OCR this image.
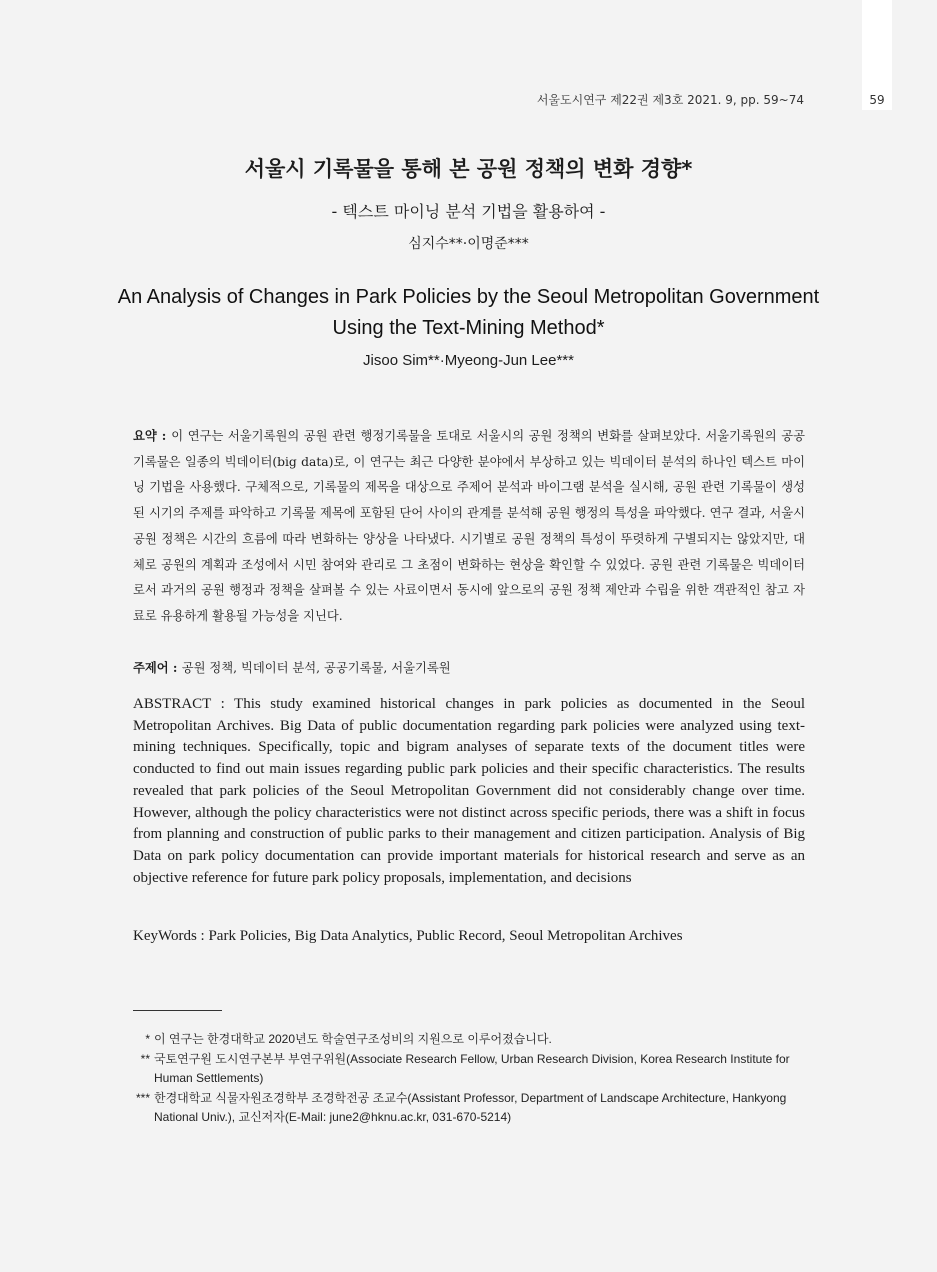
59
서울도시연구 제22권 제3호 2021. 9, pp. 59~74
서울시 기록물을 통해 본 공원 정책의 변화 경향*
- 텍스트 마이닝 분석 기법을 활용하여 -
심지수**·이명준***
An Analysis of Changes in Park Policies by the Seoul Metropolitan Government Using the Text-Mining Method*
Jisoo Sim**·Myeong-Jun Lee***
요약 : 이 연구는 서울기록원의 공원 관련 행정기록물을 토대로 서울시의 공원 정책의 변화를 살펴보았다. 서울기록원의 공공기록물은 일종의 빅데이터(big data)로, 이 연구는 최근 다양한 분야에서 부상하고 있는 빅데이터 분석의 하나인 텍스트 마이닝 기법을 사용했다. 구체적으로, 기록물의 제목을 대상으로 주제어 분석과 바이그램 분석을 실시해, 공원 관련 기록물이 생성된 시기의 주제를 파악하고 기록물 제목에 포함된 단어 사이의 관계를 분석해 공원 행정의 특성을 파악했다. 연구 결과, 서울시 공원 정책은 시간의 흐름에 따라 변화하는 양상을 나타냈다. 시기별로 공원 정책의 특성이 뚜렷하게 구별되지는 않았지만, 대체로 공원의 계획과 조성에서 시민 참여와 관리로 그 초점이 변화하는 현상을 확인할 수 있었다. 공원 관련 기록물은 빅데이터로서 과거의 공원 행정과 정책을 살펴볼 수 있는 사료이면서 동시에 앞으로의 공원 정책 제안과 수립을 위한 객관적인 참고 자료로 유용하게 활용될 가능성을 지닌다.
주제어 : 공원 정책, 빅데이터 분석, 공공기록물, 서울기록원
ABSTRACT : This study examined historical changes in park policies as documented in the Seoul Metropolitan Archives. Big Data of public documentation regarding park policies were analyzed using text-mining techniques. Specifically, topic and bigram analyses of separate texts of the document titles were conducted to find out main issues regarding public park policies and their specific characteristics. The results revealed that park policies of the Seoul Metropolitan Government did not considerably change over time. However, although the policy characteristics were not distinct across specific periods, there was a shift in focus from planning and construction of public parks to their management and citizen participation. Analysis of Big Data on park policy documentation can provide important materials for historical research and serve as an objective reference for future park policy proposals, implementation, and decisions
KeyWords : Park Policies, Big Data Analytics, Public Record, Seoul Metropolitan Archives
* 이 연구는 한경대학교 2020년도 학술연구조성비의 지원으로 이루어졌습니다.
** 국토연구원 도시연구본부 부연구위원(Associate Research Fellow, Urban Research Division, Korea Research Institute for Human Settlements)
*** 한경대학교 식물자원조경학부 조경학전공 조교수(Assistant Professor, Department of Landscape Architecture, Hankyong National Univ.), 교신저자(E-Mail: june2@hknu.ac.kr, 031-670-5214)
